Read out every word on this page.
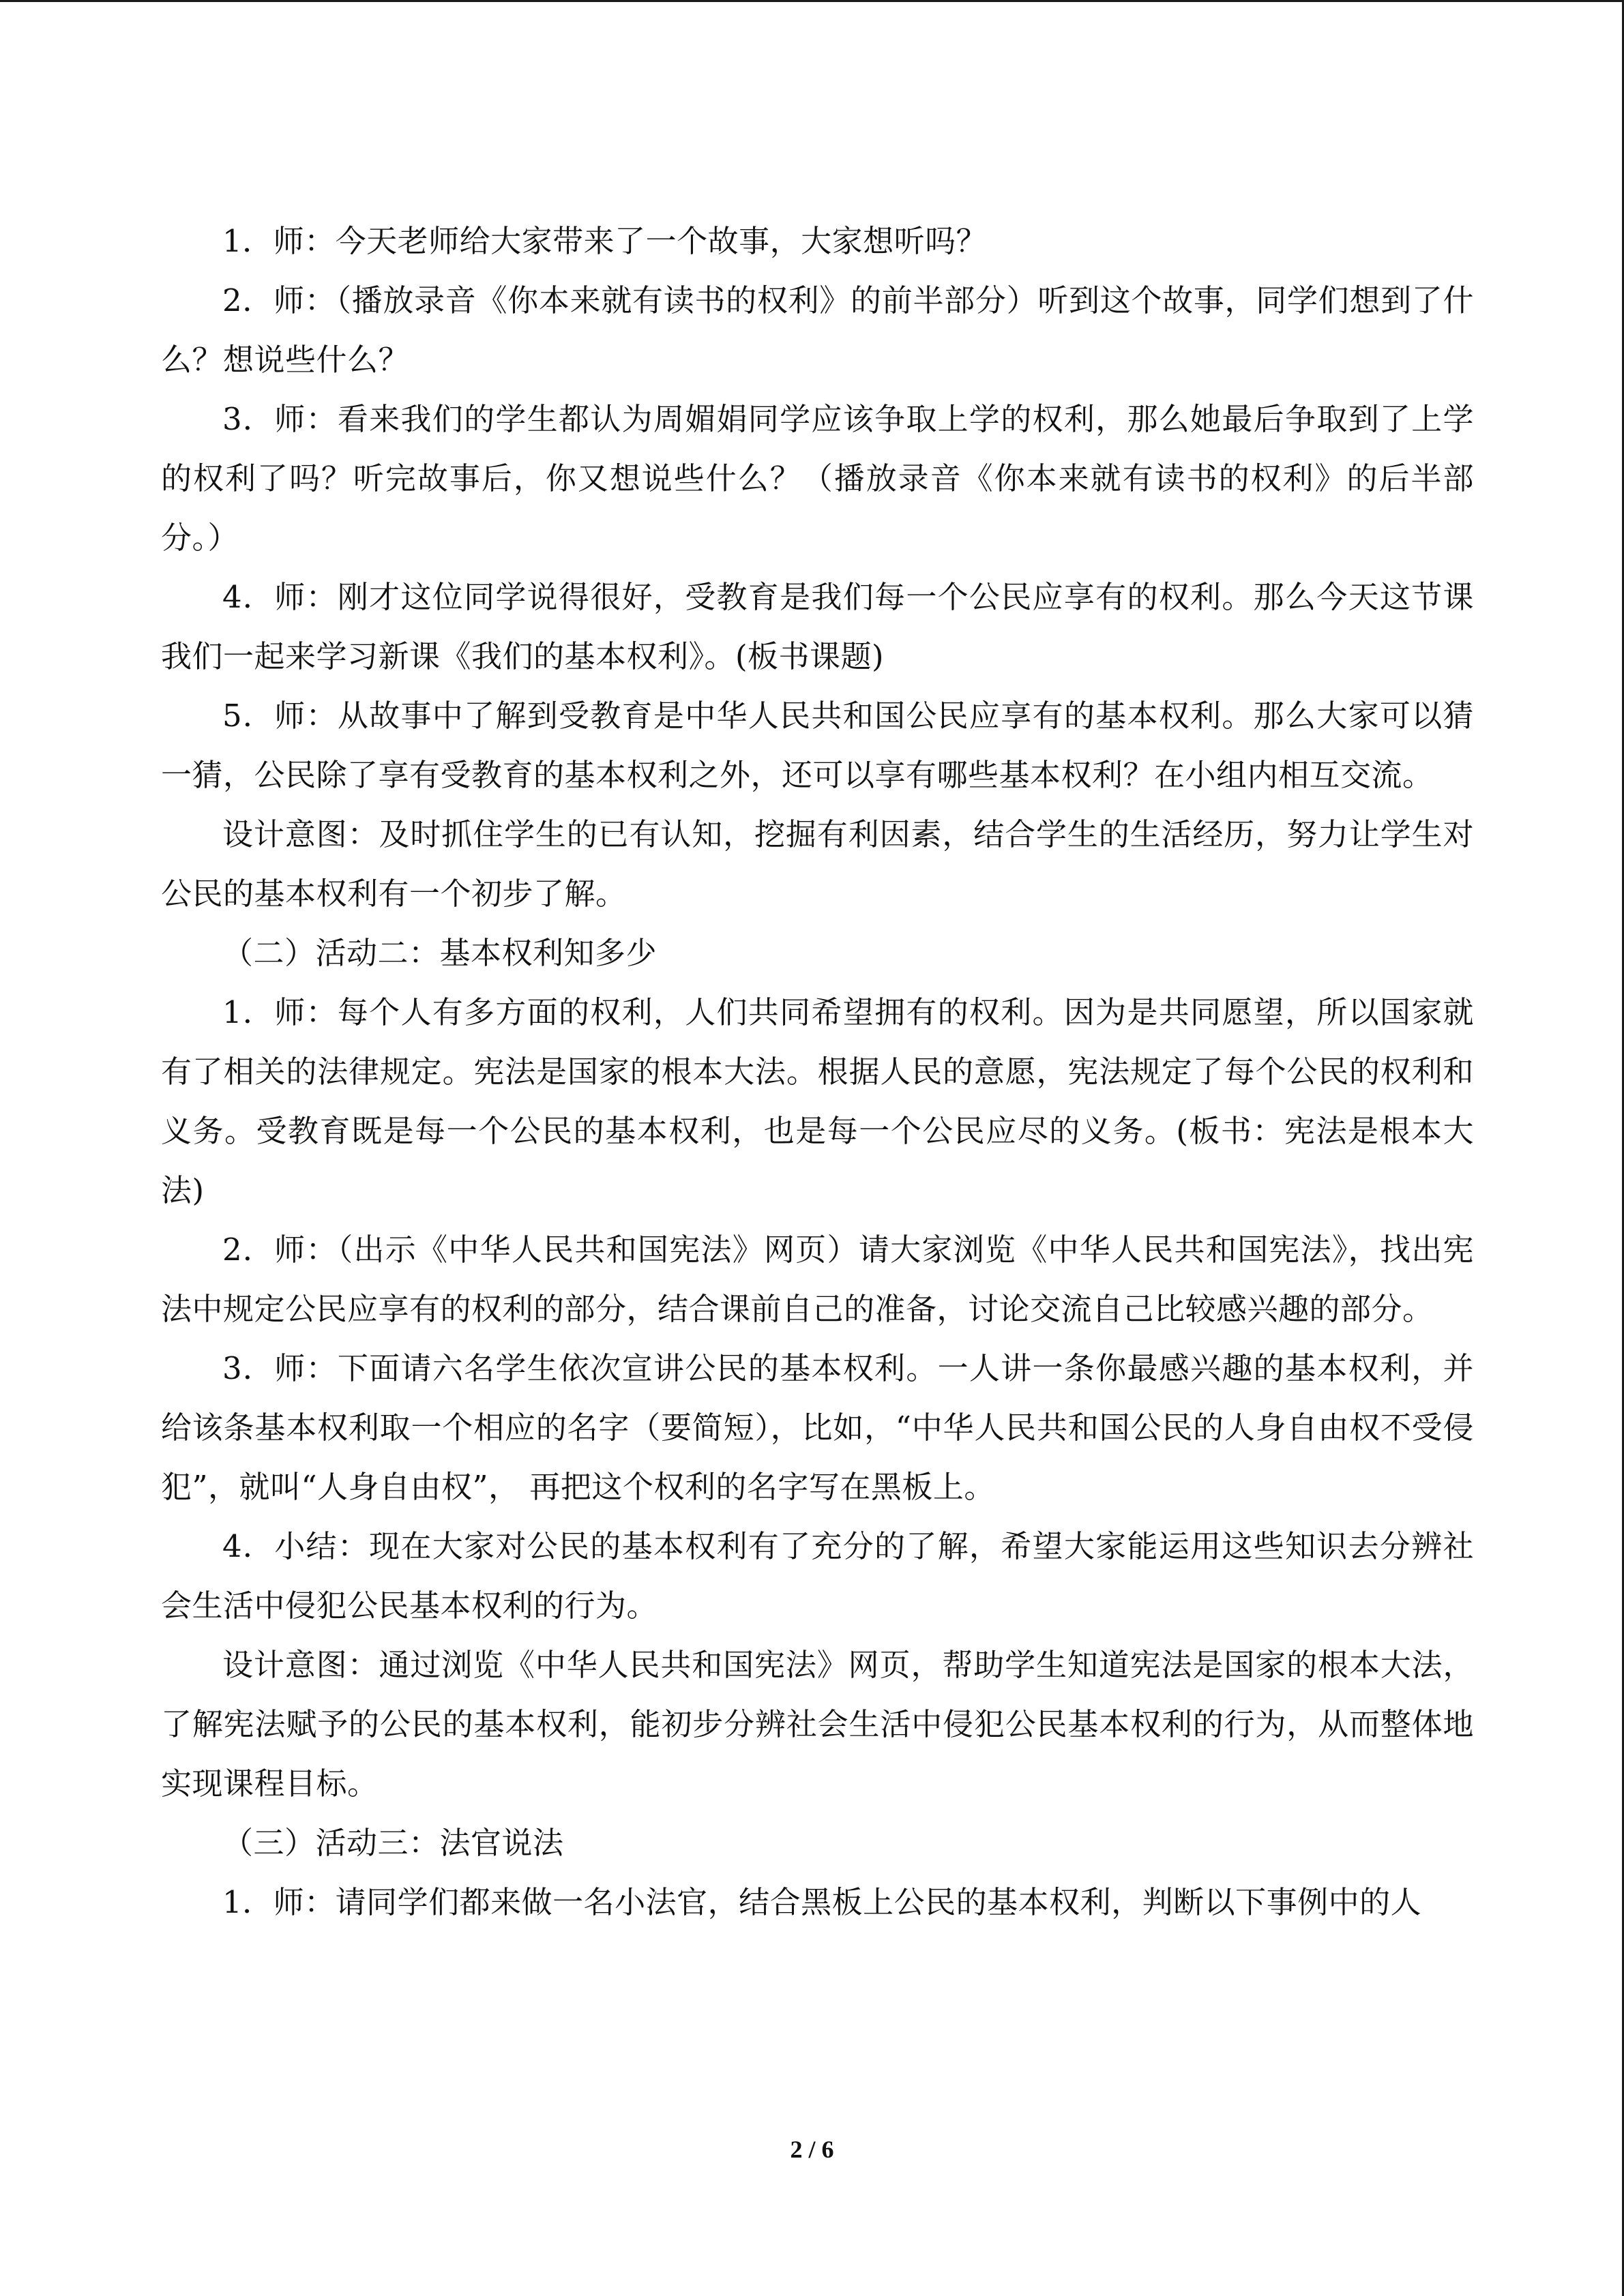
1．师：今天老师给大家带来了一个故事，大家想听吗？

2．师：（播放录音《你本来就有读书的权利》的前半部分）听到这个故事，同学们想到了什么？想说些什么？

3．师：看来我们的学生都认为周媚娟同学应该争取上学的权利，那么她最后争取到了上学的权利了吗？听完故事后，你又想说些什么？（播放录音《你本来就有读书的权利》的后半部分。）

4．师：刚才这位同学说得很好，受教育是我们每一个公民应享有的权利。那么今天这节课我们一起来学习新课《我们的基本权利》。(板书课题)

5．师：从故事中了解到受教育是中华人民共和国公民应享有的基本权利。那么大家可以猜一猜，公民除了享有受教育的基本权利之外，还可以享有哪些基本权利？在小组内相互交流。

设计意图：及时抓住学生的已有认知，挖掘有利因素，结合学生的生活经历，努力让学生对公民的基本权利有一个初步了解。

（二）活动二：基本权利知多少

1．师：每个人有多方面的权利，人们共同希望拥有的权利。因为是共同愿望，所以国家就有了相关的法律规定。宪法是国家的根本大法。根据人民的意愿，宪法规定了每个公民的权利和义务。受教育既是每一个公民的基本权利，也是每一个公民应尽的义务。(板书：宪法是根本大法)

2．师：（出示《中华人民共和国宪法》网页）请大家浏览《中华人民共和国宪法》，找出宪法中规定公民应享有的权利的部分，结合课前自己的准备，讨论交流自己比较感兴趣的部分。

3．师：下面请六名学生依次宣讲公民的基本权利。一人讲一条你最感兴趣的基本权利，并给该条基本权利取一个相应的名字（要简短），比如，“中华人民共和国公民的人身自由权不受侵犯”，就叫“人身自由权”， 再把这个权利的名字写在黑板上。

4．小结：现在大家对公民的基本权利有了充分的了解，希望大家能运用这些知识去分辨社会生活中侵犯公民基本权利的行为。

设计意图：通过浏览《中华人民共和国宪法》网页，帮助学生知道宪法是国家的根本大法，了解宪法赋予的公民的基本权利，能初步分辨社会生活中侵犯公民基本权利的行为，从而整体地实现课程目标。

（三）活动三：法官说法

1．师：请同学们都来做一名小法官，结合黑板上公民的基本权利，判断以下事例中的人

2 / 6
